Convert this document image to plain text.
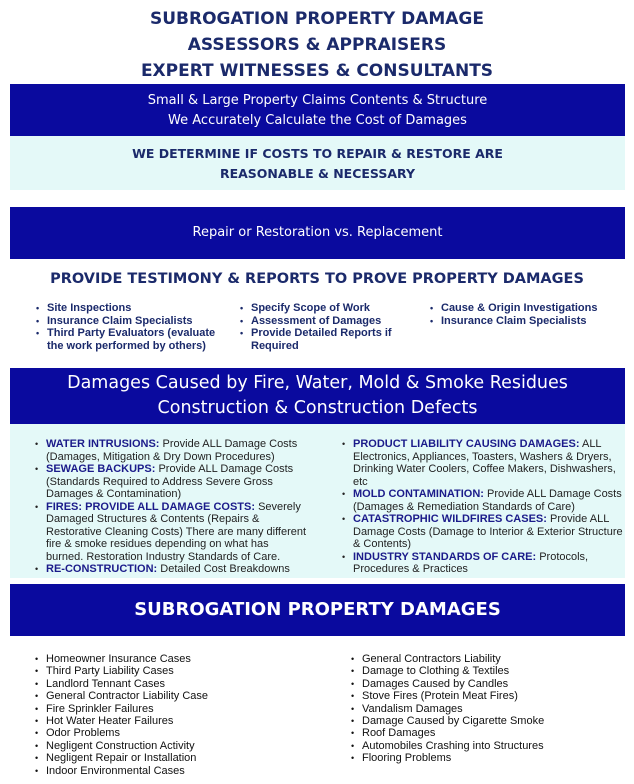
SUBROGATION PROPERTY DAMAGE
ASSESSORS & APPRAISERS
EXPERT WITNESSES & CONSULTANTS
Small & Large Property Claims Contents & Structure
We Accurately Calculate the Cost of Damages
WE DETERMINE IF COSTS TO REPAIR & RESTORE ARE
REASONABLE & NECESSARY
Repair or Restoration vs. Replacement
PROVIDE TESTIMONY & REPORTS TO PROVE PROPERTY DAMAGES
• Site Inspections
• Insurance Claim Specialists
• Third Party Evaluators (evaluate the work performed by others)
• Specify Scope of Work
• Assessment of Damages
• Provide Detailed Reports if Required
• Cause & Origin Investigations
• Insurance Claim Specialists
Damages Caused by Fire, Water, Mold & Smoke Residues
Construction & Construction Defects
• WATER INTRUSIONS: Provide ALL Damage Costs (Damages, Mitigation & Dry Down Procedures)
• SEWAGE BACKUPS: Provide ALL Damage Costs (Standards Required to Address Severe Gross Damages & Contamination)
• FIRES: PROVIDE ALL DAMAGE COSTS: Severely Damaged Structures & Contents (Repairs & Restorative Cleaning Costs) There are many different fire & smoke residues depending on what has burned. Restoration Industry Standards of Care.
• RE-CONSTRUCTION: Detailed Cost Breakdowns
• PRODUCT LIABILITY CAUSING DAMAGES: ALL Electronics, Appliances, Toasters, Washers & Dryers, Drinking Water Coolers, Coffee Makers, Dishwashers, etc
• MOLD CONTAMINATION: Provide ALL Damage Costs (Damages & Remediation Standards of Care)
• CATASTROPHIC WILDFIRES CASES: Provide ALL Damage Costs (Damage to Interior & Exterior Structure & Contents)
• INDUSTRY STANDARDS OF CARE: Protocols, Procedures & Practices
SUBROGATION PROPERTY DAMAGES
• Homeowner Insurance Cases
• Third Party Liability Cases
• Landlord Tennant Cases
• General Contractor Liability Case
• Fire Sprinkler Failures
• Hot Water Heater Failures
• Odor Problems
• Negligent Construction Activity
• Negligent Repair or Installation
• Indoor Environmental Cases
• General Contractors Liability
• Damage to Clothing & Textiles
• Damages Caused by Candles
• Stove Fires (Protein Meat Fires)
• Vandalism Damages
• Damage Caused by Cigarette Smoke
• Roof Damages
• Automobiles Crashing into Structures
• Flooring Problems
